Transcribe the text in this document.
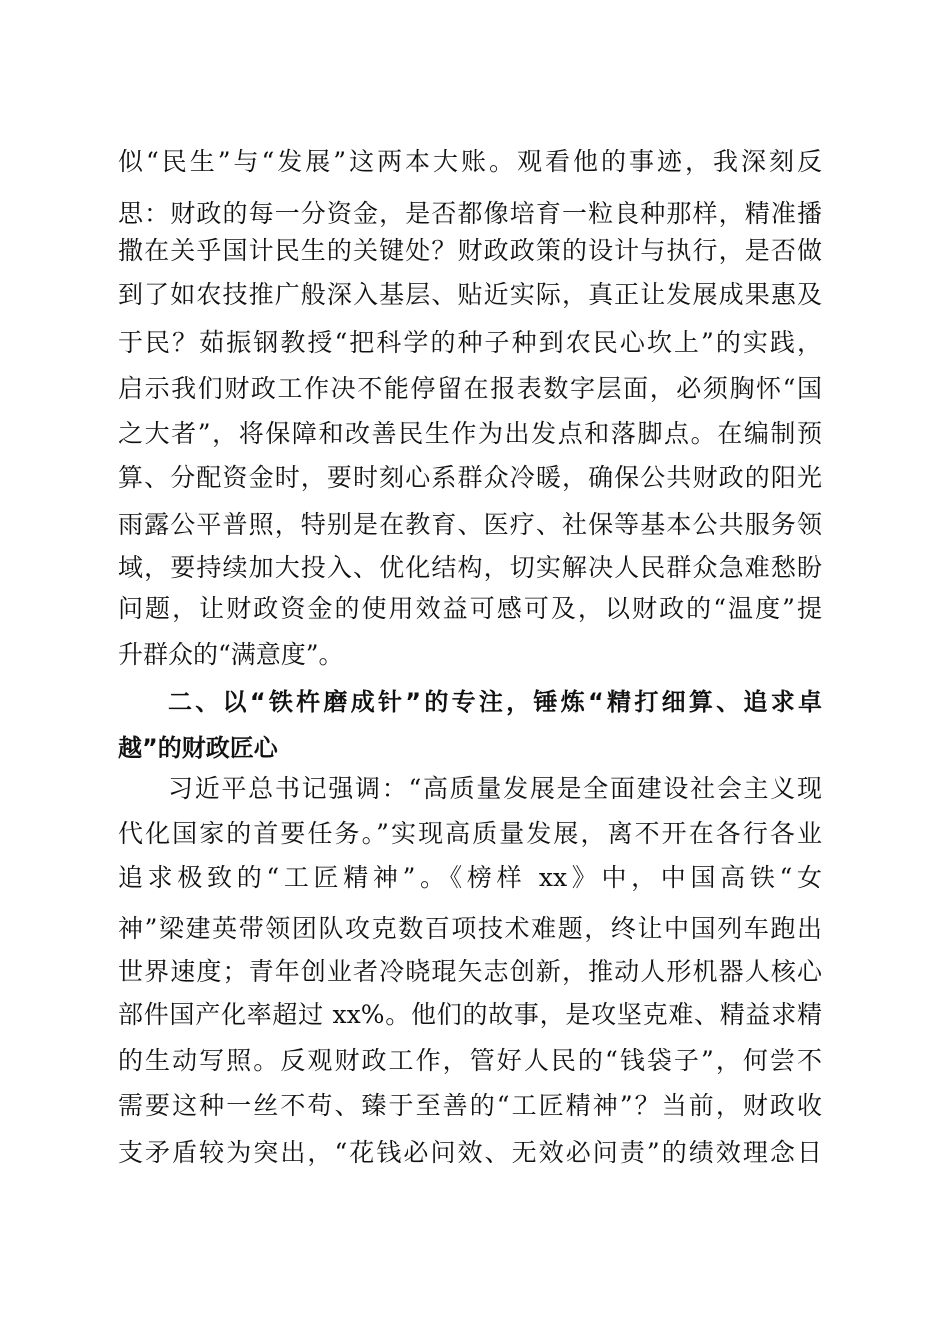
似“民生”与“发展”这两本大账。观看他的事迹，我深刻反
思：财政的每一分资金，是否都像培育一粒良种那样，精准播
撒在关乎国计民生的关键处？财政政策的设计与执行，是否做
到了如农技推广般深入基层、贴近实际，真正让发展成果惠及
于民？茹振钢教授“把科学的种子种到农民心坎上”的实践，
启示我们财政工作决不能停留在报表数字层面，必须胸怀“国
之大者”，将保障和改善民生作为出发点和落脚点。在编制预
算、分配资金时，要时刻心系群众冷暖，确保公共财政的阳光
雨露公平普照，特别是在教育、医疗、社保等基本公共服务领
域，要持续加大投入、优化结构，切实解决人民群众急难愁盼
问题，让财政资金的使用效益可感可及，以财政的“温度”提
升群众的“满意度”。
二、以“铁杵磨成针”的专注，锤炼“精打细算、追求卓
越”的财政匠心
习近平总书记强调：“高质量发展是全面建设社会主义现
代化国家的首要任务。”实现高质量发展，离不开在各行各业
追求极致的“工匠精神”。《榜样 xx》中，中国高铁“女
神”梁建英带领团队攻克数百项技术难题，终让中国列车跑出
世界速度；青年创业者冷晓琨矢志创新，推动人形机器人核心
部件国产化率超过 xx%。他们的故事，是攻坚克难、精益求精
的生动写照。反观财政工作，管好人民的“钱袋子”，何尝不
需要这种一丝不苟、臻于至善的“工匠精神”？当前，财政收
支矛盾较为突出，“花钱必问效、无效必问责”的绩效理念日
